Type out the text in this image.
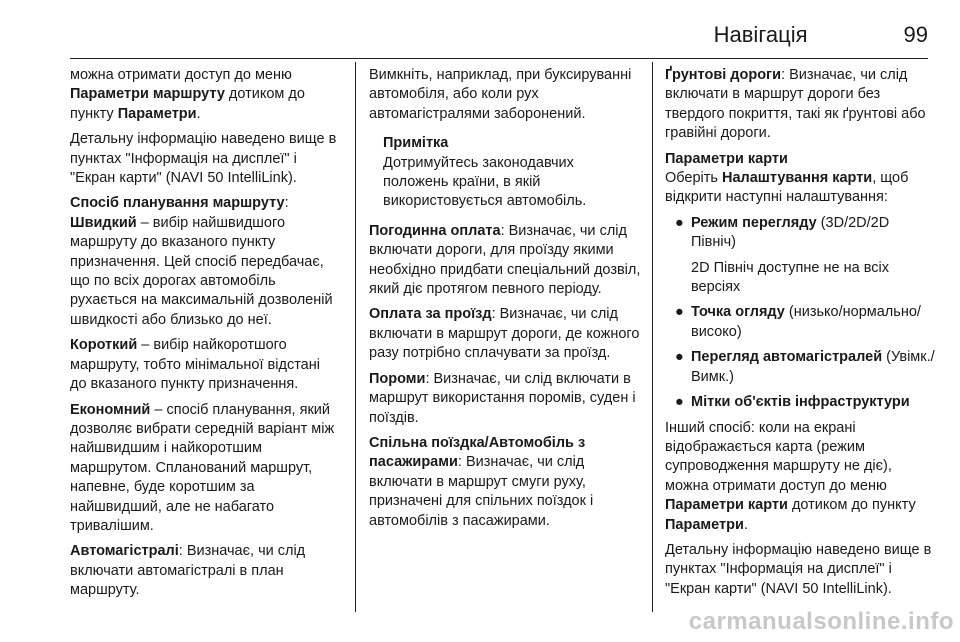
Навігація	99

можна отримати доступ до меню Параметри маршруту дотиком до пункту Параметри.

Детальну інформацію наведено вище в пунктах "Інформація на дисплеї" і "Екран карти" (NAVI 50 IntelliLink).

Спосіб планування маршруту:

Швидкий – вибір найшвидшого маршруту до вказаного пункту призначення. Цей спосіб передбачає, що по всіх дорогах автомобіль рухається на максимальній дозволеній швидкості або близько до неї.

Короткий – вибір найкоротшого маршруту, тобто мінімальної відстані до вказаного пункту призначення.

Економний – спосіб планування, який дозволяє вибрати середній варіант між найшвидшим і найкоротшим маршрутом. Спланований маршрут, напевне, буде коротшим за найшвидший, але не набагато тривалішим.

Автомагістралі: Визначає, чи слід включати автомагістралі в план маршруту.

Вимкніть, наприклад, при буксируванні автомобіля, або коли рух автомагістралями заборонений.

Примітка
Дотримуйтесь законодавчих положень країни, в якій використовується автомобіль.

Погодинна оплата: Визначає, чи слід включати дороги, для проїзду якими необхідно придбати спеціальний дозвіл, який діє протягом певного періоду.

Оплата за проїзд: Визначає, чи слід включати в маршрут дороги, де кожного разу потрібно сплачувати за проїзд.

Пороми: Визначає, чи слід включати в маршрут використання поромів, суден і поїздів.

Спільна поїздка/Автомобіль з пасажирами: Визначає, чи слід включати в маршрут смуги руху, призначені для спільних поїздок і автомобілів з пасажирами.

Ґрунтові дороги: Визначає, чи слід включати в маршрут дороги без твердого покриття, такі як ґрунтові або гравійні дороги.

Параметри карти
Оберіть Налаштування карти, щоб відкрити наступні налаштування:

● Режим перегляду (3D/2D/2D Північ)

2D Північ доступне не на всіх версіях

● Точка огляду (низько/нормально/високо)
● Перегляд автомагістралей (Увімк./Вимк.)
● Мітки об'єктів інфраструктури

Інший спосіб: коли на екрані відображається карта (режим супроводження маршруту не діє), можна отримати доступ до меню Параметри карти дотиком до пункту Параметри.

Детальну інформацію наведено вище в пунктах "Інформація на дисплеї" і "Екран карти" (NAVI 50 IntelliLink).

carmanualsonline.info
